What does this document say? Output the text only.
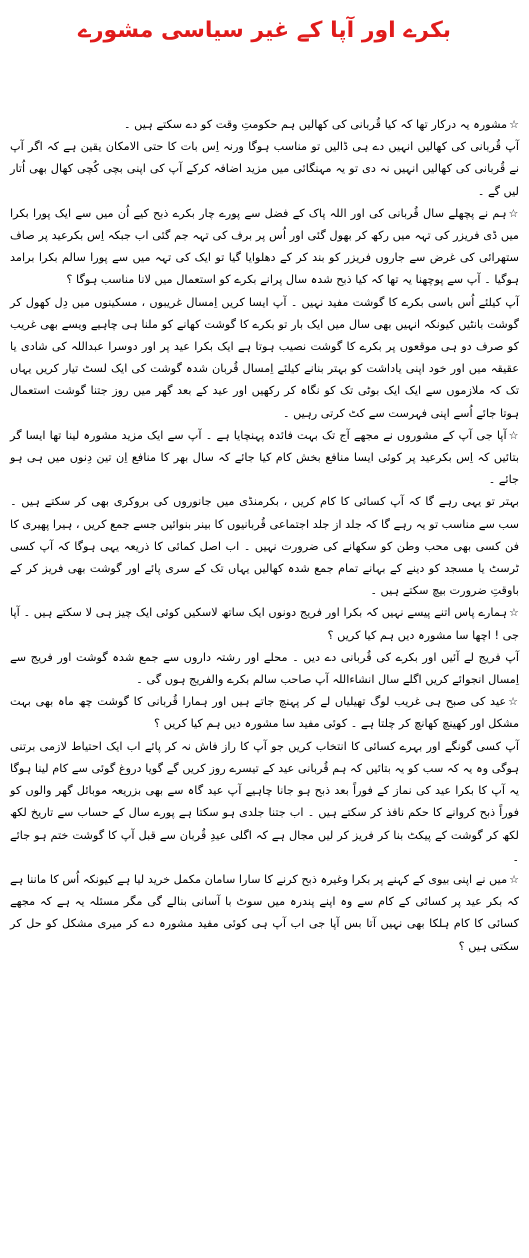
بکرے اور آپا کے غیر سیاسی مشورے

☆مشورہ یہ درکار تھا کہ کیا قُربانی کی کھالیں ہم حکومتِ وقت کو دے سکتے ہیں ۔

آپ قُربانی کی کھالیں انہیں دے ہی ڈالیں تو مناسب ہوگا ورنہ اِس بات کا حتی الامکان یقین ہے کہ اگر آپ نے قُربانی کی کھالیں انہیں نہ دی تو یہ مہنگائی میں مزید اضافہ کرکے آپ کی اپنی بچی کُچی کھال بھی اُتار لیں گے ۔

☆ہم نے پچھلے سال قُربانی کی اور اللہ پاک کے فضل سے پورے چار بکرے ذبح کیے اُن میں سے ایک پورا بکرا میں ڈی فریزر کی تہہ میں رکھ کر بھول گئی اور اُس پر برف کی تہہ جم گئی اب جبکہ اِس بکرعید پر صاف ستھرائی کی غرض سے جاروں فریزر کو بند کر کے دھلوایا گیا تو ایک کی تہہ میں سے پورا سالم بکرا برامد ہوگیا ۔ آپ سے پوچھنا یہ تھا کہ کیا ذبح شدہ سال پرانے بکرے کو استعمال میں لانا مناسب ہوگا ؟

آپ کیلئے اُس باسی بکرے کا گوشت مفید نہیں ۔ آپ ایسا کریں اِمسال غریبوں ، مسکینوں میں دِل کھول کر گوشت بانٹیں کیونکہ انہیں بھی سال میں ایک بار تو بکرے کا گوشت کھانے کو ملنا ہی چاہیے ویسے بھی غریب کو صرف دو ہی موقعوں پر بکرے کا گوشت نصیب ہوتا ہے ایک بکرا عید پر اور دوسرا عبداللہ کی شادی یا عقیقہ میں اور خود اپنی یاداشت کو بہتر بنانے کیلئے اِمسال قُربان شدہ گوشت کی ایک لسٹ تیار کریں یہاں تک کہ ملازموں سے ایک ایک بوٹی تک کو نگاہ کر رکھیں اور عید کے بعد گھر میں روز جتنا گوشت استعمال ہوتا جائے اُسے اپنی فہرست سے کٹ کرتی رہیں ۔

☆آپا جی آپ کے مشوروں نے مجھے آج تک بہت فائدہ پہنچایا ہے ۔ آپ سے ایک مزید مشورہ لینا تھا ایسا گر بتائیں کہ اِس بکرعید پر کوئی ایسا منافع بخش کام کیا جائے کہ سال بھر کا منافع اِن تین دِنوں میں ہی ہو جائے ۔

بہتر تو یہی رہے گا کہ آپ کسائی کا کام کریں ، بکرمنڈی میں جانوروں کی بروکری بھی کر سکتے ہیں ۔ سب سے مناسب تو یہ رہے گا کہ جلد از جلد اجتماعی قُربانیوں کا بینر بنوائیں جسے جمع کریں ، ہیرا پھیری کا فن کسی بھی محب وطن کو سکھانے کی ضرورت نہیں ۔ اب اصل کمائی کا ذریعہ یہی ہوگا کہ آپ کسی ٹرسٹ یا مسجد کو دینے کے بہانے تمام جمع شدہ کھالیں یہاں تک کے سری پائے اور گوشت بھی فریز کر کے باوقتِ ضرورت بیچ سکتے ہیں ۔

☆ہمارے پاس اتنے پیسے نہیں کہ بکرا اور فریج دونوں ایک ساتھ لاسکیں کوئی ایک چیز ہی لا سکتے ہیں ۔ آپا جی ! اچھا سا مشورہ دیں ہم کیا کریں ؟

آپ فریج لے آئیں اور بکرے کی قُربانی دے دیں ۔ محلے اور رشتہ داروں سے جمع شدہ گوشت اور فریج سے اِمسال انجوائے کریں اگلے سال انشاءاللہ آپ صاحب سالم بکرے والفریج ہوں گی ۔

☆عید کی صبح ہی غریب لوگ تھیلیاں لے کر پہنچ جاتے ہیں اور ہمارا قُربانی کا گوشت چھ ماہ بھی بہت مشکل اور کھینچ کھانچ کر چلتا ہے ۔ کوئی مفید سا مشورہ دیں ہم کیا کریں ؟

آپ کسی گونگے اور بہرے کسائی کا انتخاب کریں جو آپ کا راز فاش نہ کر پائے اب ایک احتیاط لازمی برتنی ہوگی وہ یہ کہ سب کو یہ بتائیں کہ ہم قُربانی عید کے تیسرے روز کریں گے گویا دروغ گوئی سے کام لینا ہوگا یہ آپ کا بکرا عید کی نماز کے فوراً بعد ذبح ہو جانا چاہیے آپ عید گاہ سے بھی بزریعہ موبائل گھر والوں کو فوراً ذبح کروانے کا حکم نافذ کر سکتے ہیں ۔ اب جتنا جلدی ہو سکتا ہے پورے سال کے حساب سے تاریخ لکھ لکھ کر گوشت کے پیکٹ بنا کر فریز کر لیں مجال ہے کہ اگلی عیدِ قُربان سے قبل آپ کا گوشت ختم ہو جائے ۔

☆میں نے اپنی بیوی کے کہنے پر بکرا وغیرہ ذبح کرنے کا سارا سامان مکمل خرید لیا ہے کیونکہ اُس کا ماننا ہے کہ بکر عید پر کسائی کے کام سے وہ اپنے پندرہ میں سوٹ با آسانی بنالے گی مگر مسئلہ یہ ہے کہ مجھے کسائی کا کام ہلکا بھی نہیں آتا بس آپا جی اب آپ ہی کوئی مفید مشورہ دے کر میری مشکل کو حل کر سکتی ہیں ؟
